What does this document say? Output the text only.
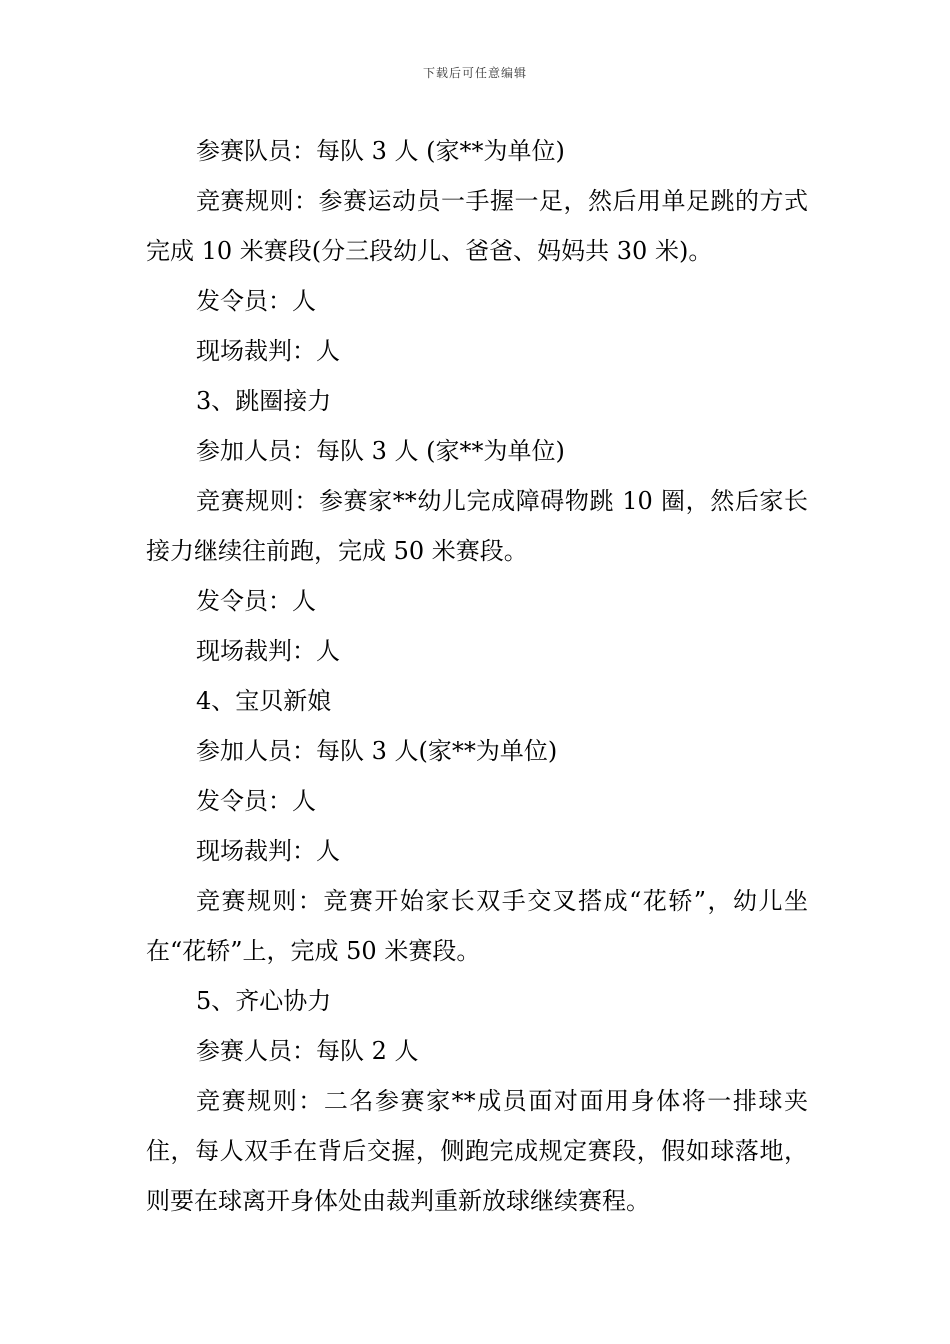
下载后可任意编辑

参赛队员：每队 3 人 (家**为单位)

竞赛规则：参赛运动员一手握一足，然后用单足跳的方式完成 10 米赛段(分三段幼儿、爸爸、妈妈共 30 米)。

发令员：人

现场裁判：人

3、跳圈接力

参加人员：每队 3 人 (家**为单位)

竞赛规则：参赛家**幼儿完成障碍物跳 10 圈，然后家长接力继续往前跑，完成 50 米赛段。

发令员：人

现场裁判：人

4、宝贝新娘

参加人员：每队 3 人(家**为单位)

发令员：人

现场裁判：人

竞赛规则：竞赛开始家长双手交叉搭成“花轿”，幼儿坐在“花轿”上，完成 50 米赛段。

5、齐心协力

参赛人员：每队 2 人

竞赛规则：二名参赛家**成员面对面用身体将一排球夹住，每人双手在背后交握，侧跑完成规定赛段，假如球落地，则要在球离开身体处由裁判重新放球继续赛程。
